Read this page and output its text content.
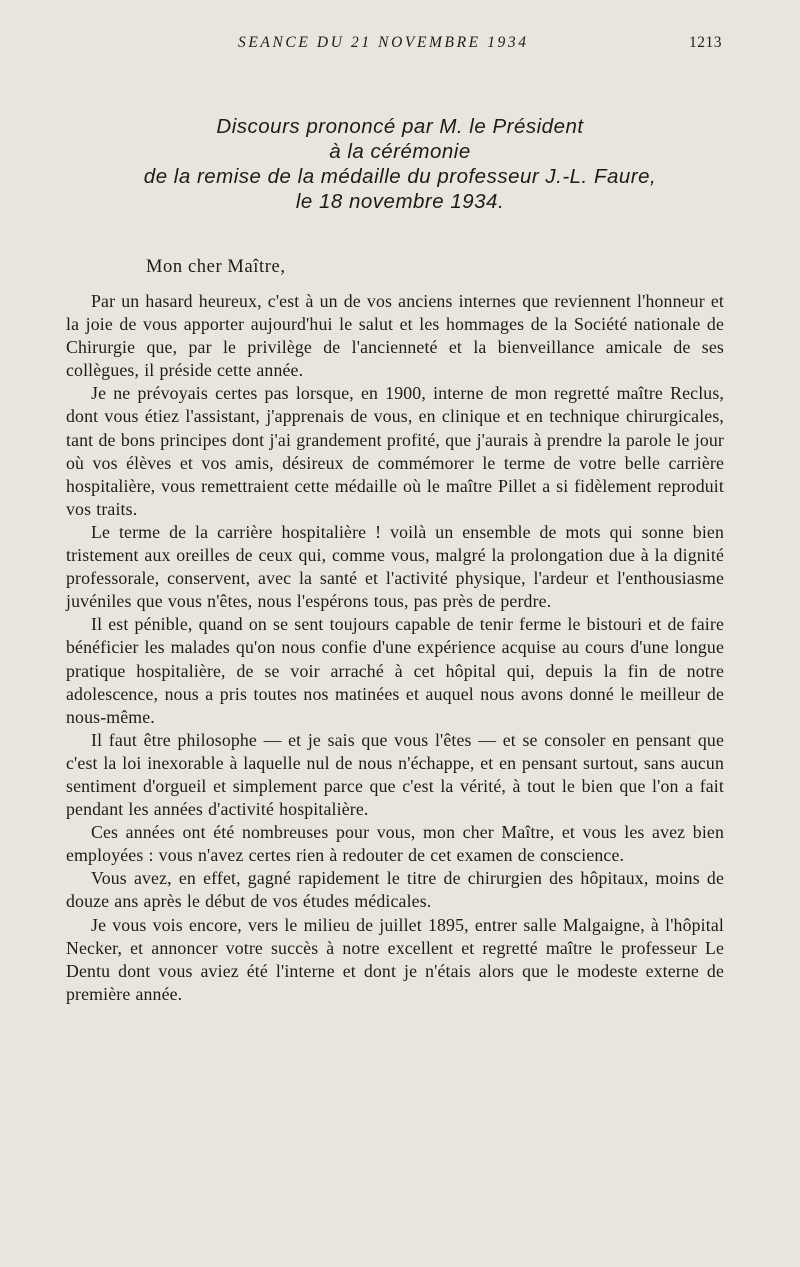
SEANCE DU 21 NOVEMBRE 1934	1213
Discours prononcé par M. le Président
à la cérémonie
de la remise de la médaille du professeur J.-L. Faure,
le 18 novembre 1934.
Mon cher Maître,

Par un hasard heureux, c'est à un de vos anciens internes que reviennent l'honneur et la joie de vous apporter aujourd'hui le salut et les hommages de la Société nationale de Chirurgie que, par le privilège de l'ancienneté et la bienveillance amicale de ses collègues, il préside cette année.

Je ne prévoyais certes pas lorsque, en 1900, interne de mon regretté maître Reclus, dont vous étiez l'assistant, j'apprenais de vous, en clinique et en technique chirurgicales, tant de bons principes dont j'ai grandement profité, que j'aurais à prendre la parole le jour où vos élèves et vos amis, désireux de commémorer le terme de votre belle carrière hospitalière, vous remettraient cette médaille où le maître Pillet a si fidèlement reproduit vos traits.

Le terme de la carrière hospitalière ! voilà un ensemble de mots qui sonne bien tristement aux oreilles de ceux qui, comme vous, malgré la prolongation due à la dignité professorale, conservent, avec la santé et l'activité physique, l'ardeur et l'enthousiasme juvéniles que vous n'êtes, nous l'espérons tous, pas près de perdre.

Il est pénible, quand on se sent toujours capable de tenir ferme le bistouri et de faire bénéficier les malades qu'on nous confie d'une expérience acquise au cours d'une longue pratique hospitalière, de se voir arraché à cet hôpital qui, depuis la fin de notre adolescence, nous a pris toutes nos matinées et auquel nous avons donné le meilleur de nous-même.

Il faut être philosophe — et je sais que vous l'êtes — et se consoler en pensant que c'est la loi inexorable à laquelle nul de nous n'échappe, et en pensant surtout, sans aucun sentiment d'orgueil et simplement parce que c'est la vérité, à tout le bien que l'on a fait pendant les années d'activité hospitalière.

Ces années ont été nombreuses pour vous, mon cher Maître, et vous les avez bien employées : vous n'avez certes rien à redouter de cet examen de conscience.

Vous avez, en effet, gagné rapidement le titre de chirurgien des hôpitaux, moins de douze ans après le début de vos études médicales.

Je vous vois encore, vers le milieu de juillet 1895, entrer salle Malgaigne, à l'hôpital Necker, et annoncer votre succès à notre excellent et regretté maître le professeur Le Dentu dont vous aviez été l'interne et dont je n'étais alors que le modeste externe de première année.
